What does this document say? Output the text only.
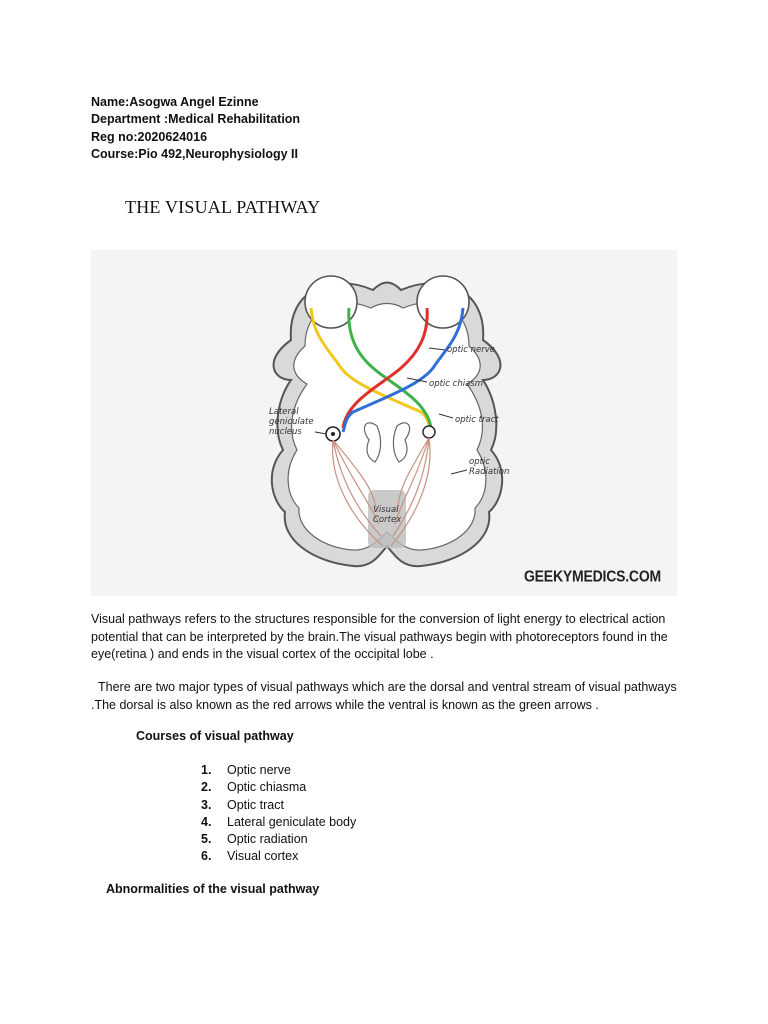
Name:Asogwa Angel Ezinne
Department :Medical Rehabilitation
Reg no:2020624016
Course:Pio 492,Neurophysiology II
THE VISUAL PATHWAY
optic nerve
optic chiasm
optic tract
Lateral
geniculate
nucleus
optic
Radiation
Visual
Cortex
GEEKYMEDICS.COM
Visual pathways refers to the structures responsible for the conversion of light energy to electrical action potential that can be interpreted by the brain.The visual pathways begin with photoreceptors found in the eye(retina ) and ends in the visual cortex of the occipital lobe .
There are two major types of visual pathways which are the dorsal and ventral stream of visual pathways .The dorsal is also known as the red arrows while the ventral is known as the green arrows .
Courses of visual pathway
1.	Optic nerve
2.	Optic chiasma
3.	Optic tract
4.	Lateral geniculate body
5.	Optic radiation
6.	Visual cortex
Abnormalities of the visual pathway
